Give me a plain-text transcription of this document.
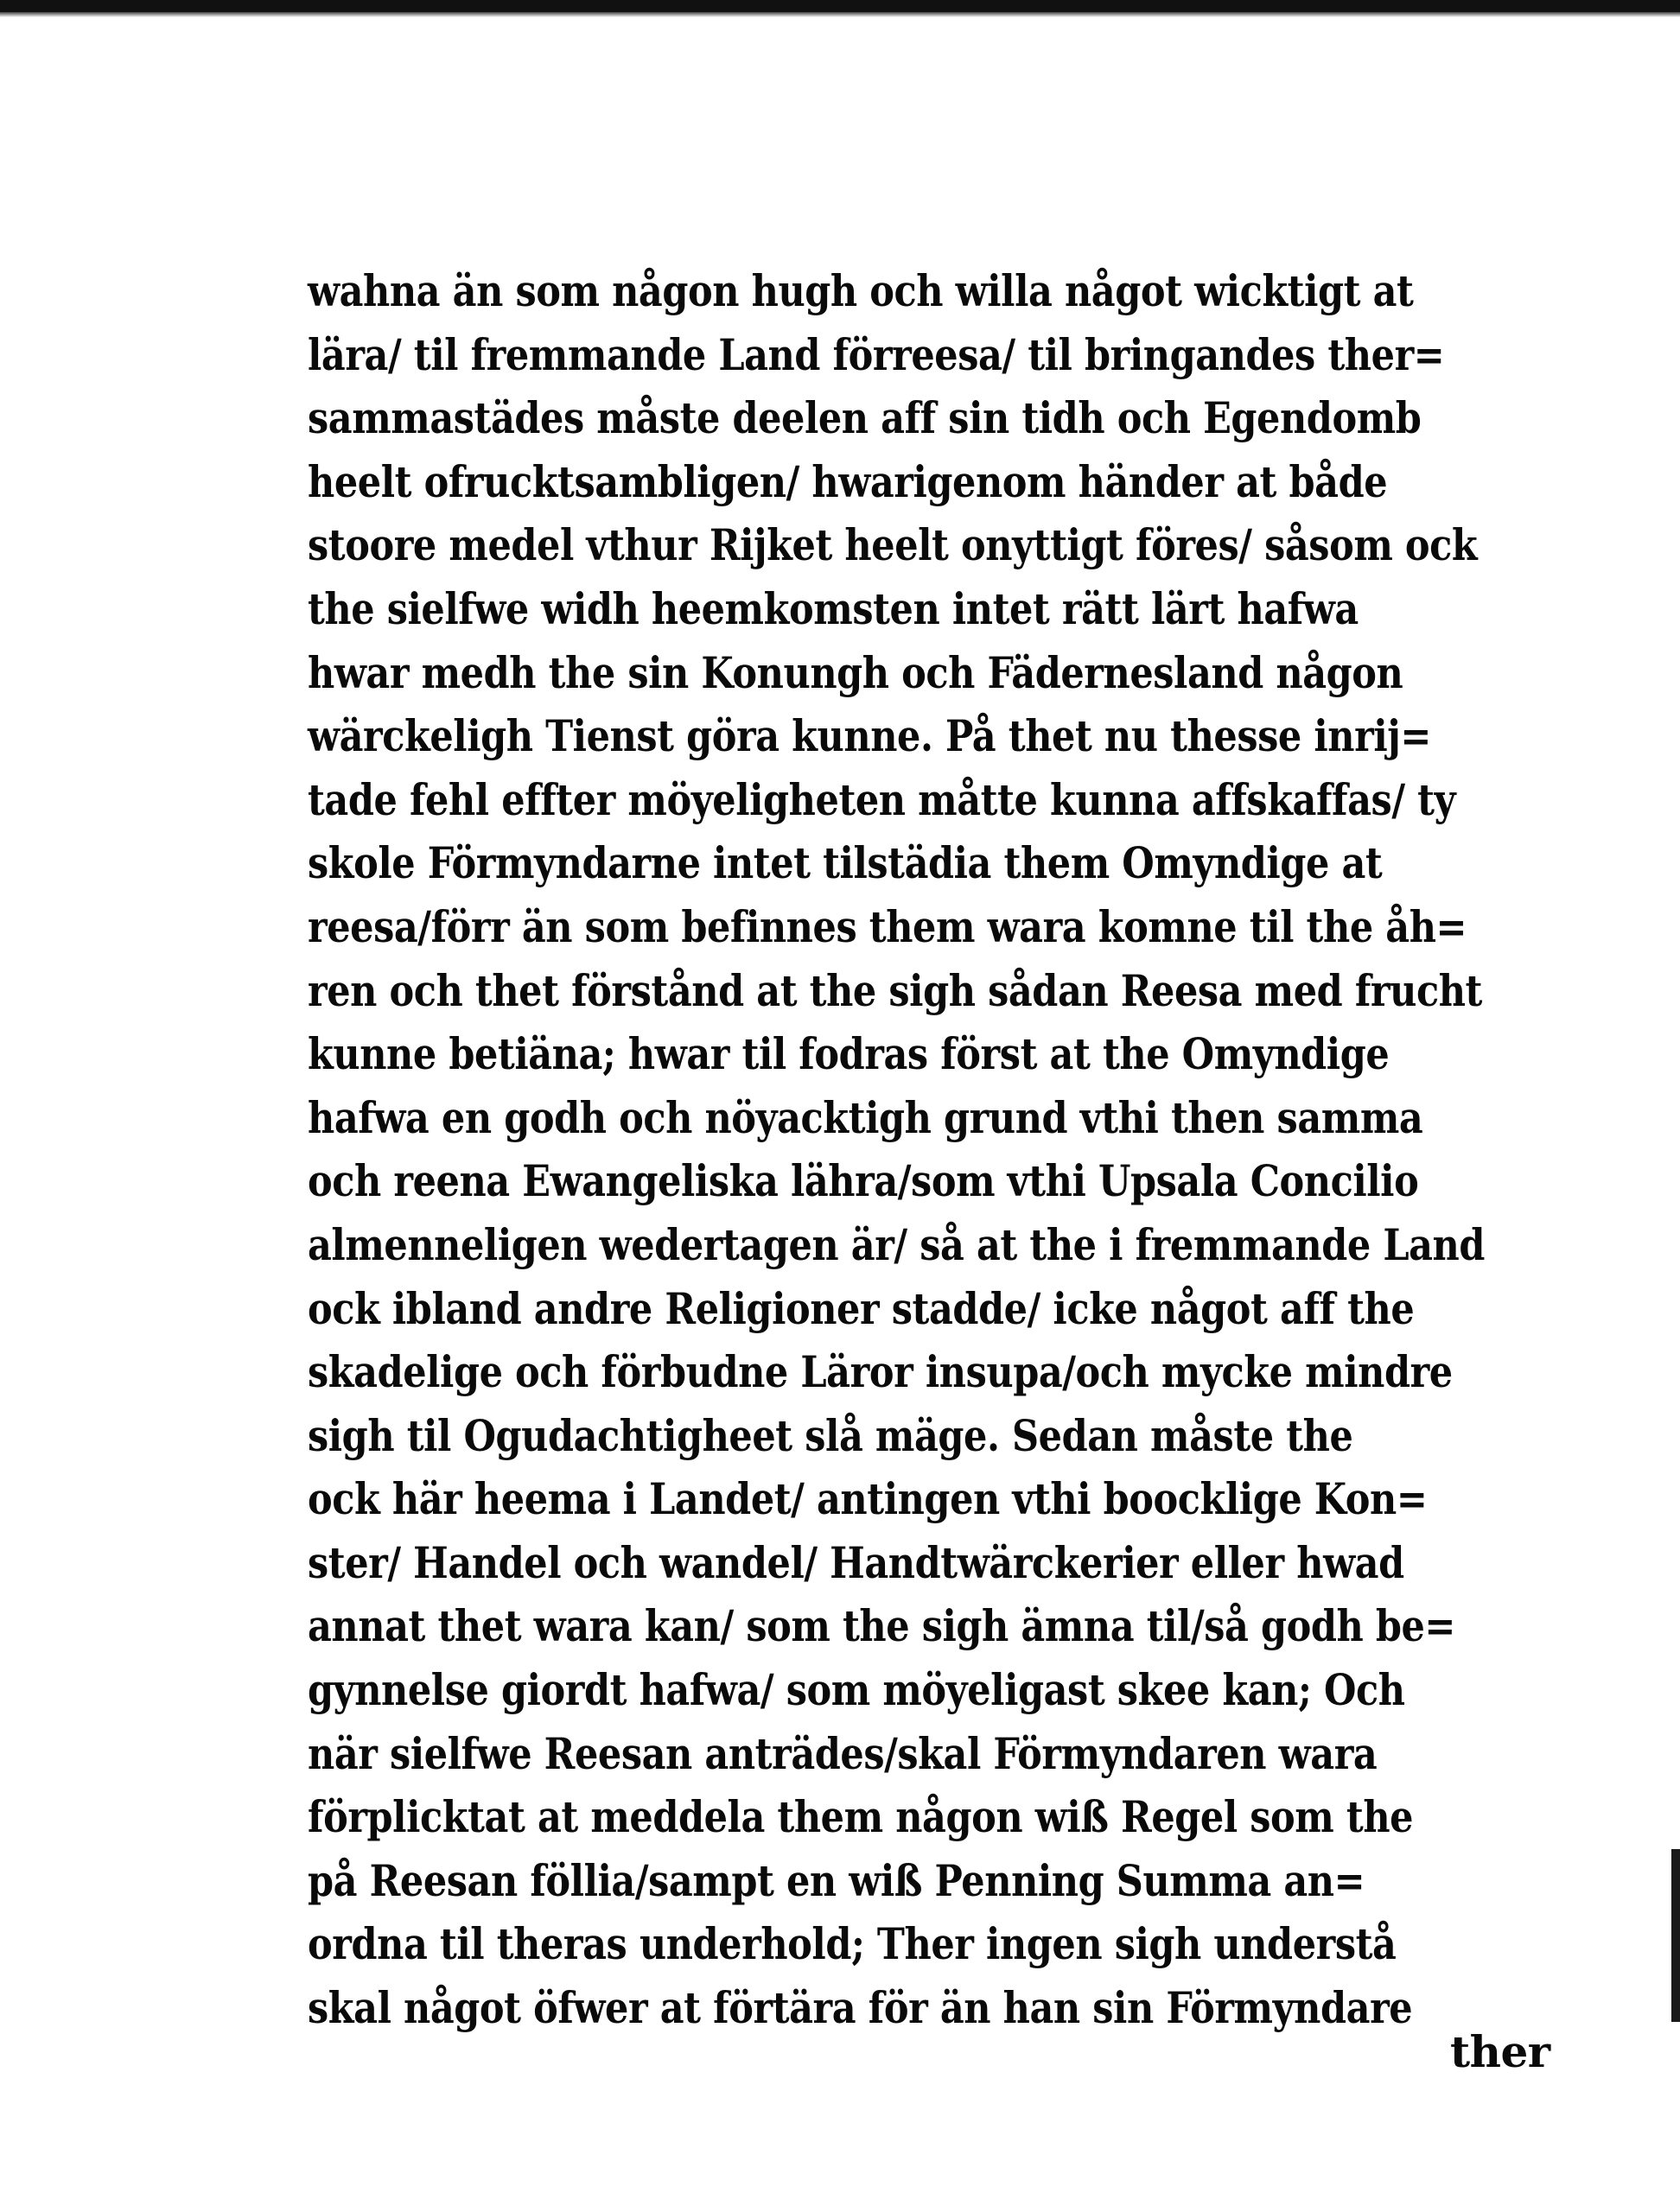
wahna än som någon hugh och willa något wicktigt at
lära/ til fremmande Land förreesa/ til bringandes ther=
sammastädes måste deelen aff sin tidh och Egendomb
heelt ofrucktsambligen/ hwarigenom händer at både
stoore medel vthur Rijket heelt onyttigt föres/ såsom ock
the sielfwe widh heemkomsten intet rätt lärt hafwa
hwar medh the sin Konungh och Fädernesland någon
wärckeligh Tienst göra kunne. På thet nu thesse inrij=
tade fehl effter möyeligheten måtte kunna affskaffas/ ty
skole Förmyndarne intet tilstädia them Omyndige at
reesa/förr än som befinnes them wara komne til the åh=
ren och thet förstånd at the sigh sådan Reesa med frucht
kunne betiäna; hwar til fodras först at the Omyndige
hafwa en godh och nöyacktigh grund vthi then samma
och reena Ewangeliska lähra/som vthi Upsala Concilio
almenneligen wedertagen är/ så at the i fremmande Land
ock ibland andre Religioner stadde/ icke något aff the
skadelige och förbudne Läror insupa/och mycke mindre
sigh til Ogudachtigheet slå mäge. Sedan måste the
ock här heema i Landet/ antingen vthi boocklige Kon=
ster/ Handel och wandel/ Handtwärckerier eller hwad
annat thet wara kan/ som the sigh ämna til/så godh be=
gynnelse giordt hafwa/ som möyeligast skee kan; Och
när sielfwe Reesan anträdes/skal Förmyndaren wara
förplicktat at meddela them någon wiß Regel som the
på Reesan föllia/sampt en wiß Penning Summa an=
ordna til theras underhold; Ther ingen sigh understå
skal något öfwer at förtära för än han sin Förmyndare
ther
